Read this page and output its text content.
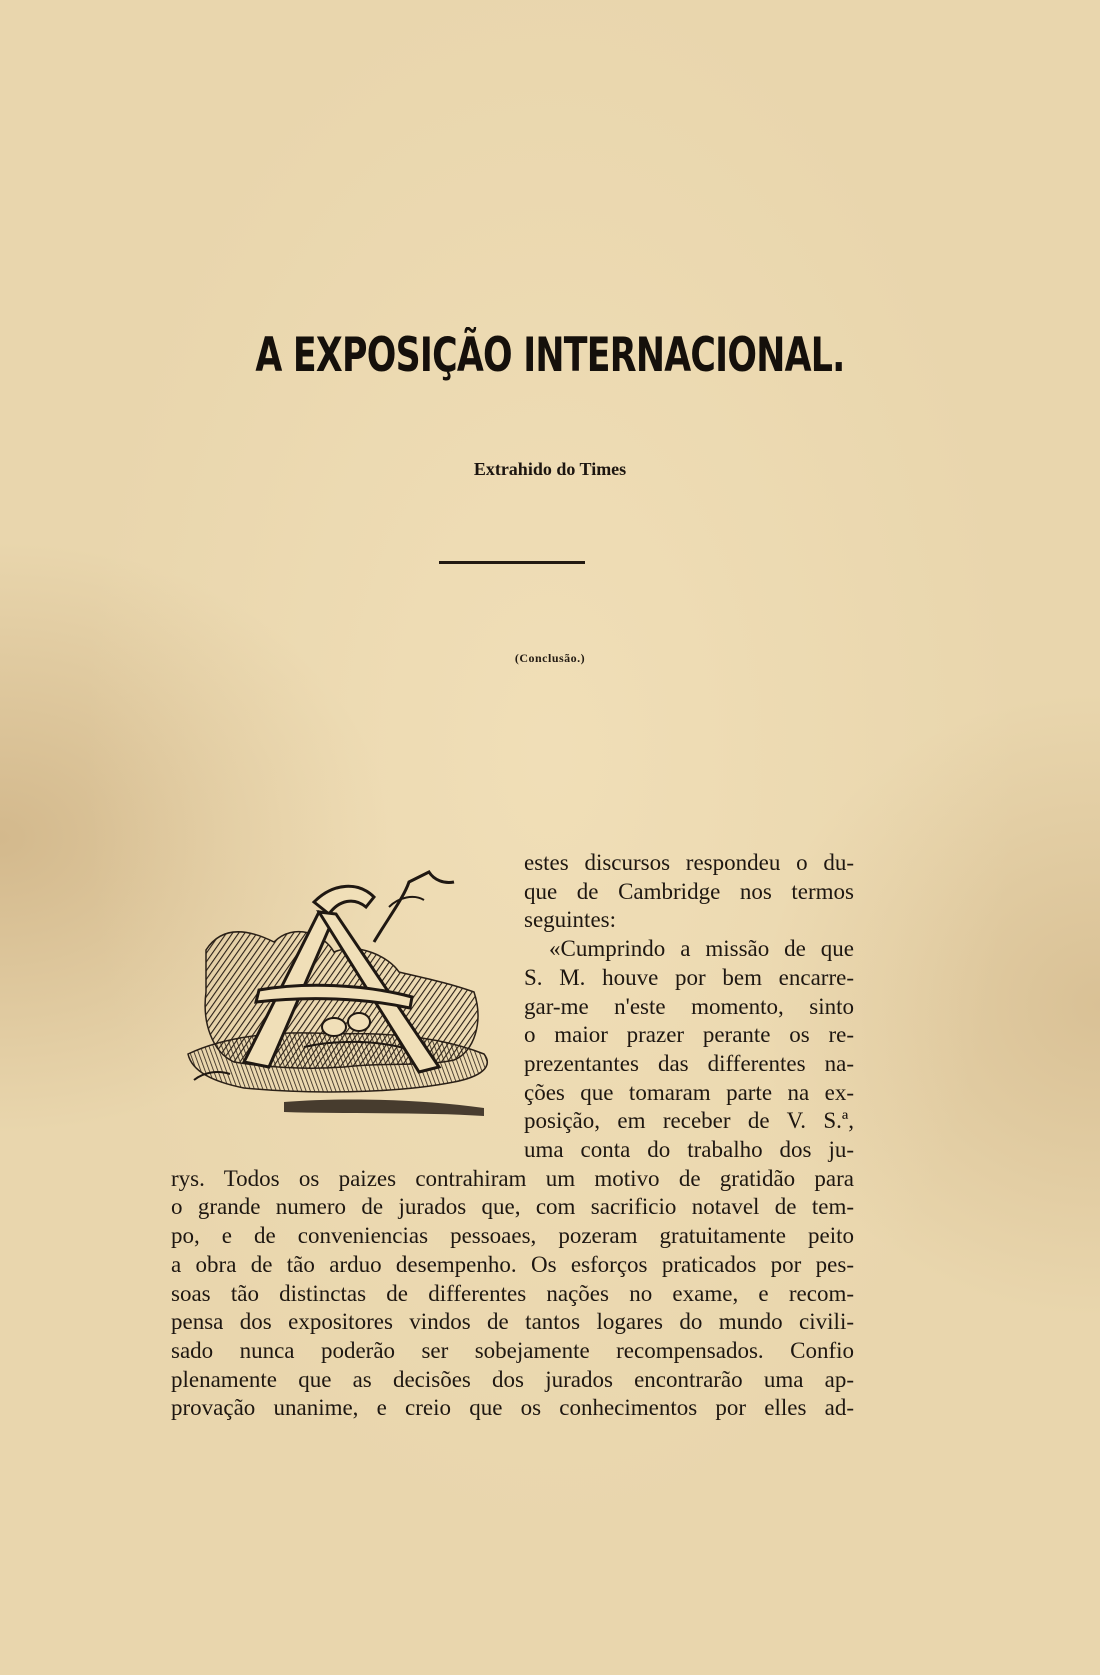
A EXPOSIÇÃO INTERNACIONAL.
Extrahido do Times
(Conclusão.)
estes discursos respondeu o du-
que de Cambridge nos termos
seguintes:
«Cumprindo a missão de que
S. M. houve por bem encarre-
gar-me n'este momento, sinto
o maior prazer perante os re-
prezentantes das differentes na-
ções que tomaram parte na ex-
posição, em receber de V. S.ª,
uma conta do trabalho dos ju-
rys. Todos os paizes contrahiram um motivo de gratidão para
o grande numero de jurados que, com sacrificio notavel de tem-
po, e de conveniencias pessoaes, pozeram gratuitamente peito
a obra de tão arduo desempenho. Os esforços praticados por pes-
soas tão distinctas de differentes nações no exame, e recom-
pensa dos expositores vindos de tantos logares do mundo civili-
sado nunca poderão ser sobejamente recompensados. Confio
plenamente que as decisões dos jurados encontrarão uma ap-
provação unanime, e creio que os conhecimentos por elles ad-
